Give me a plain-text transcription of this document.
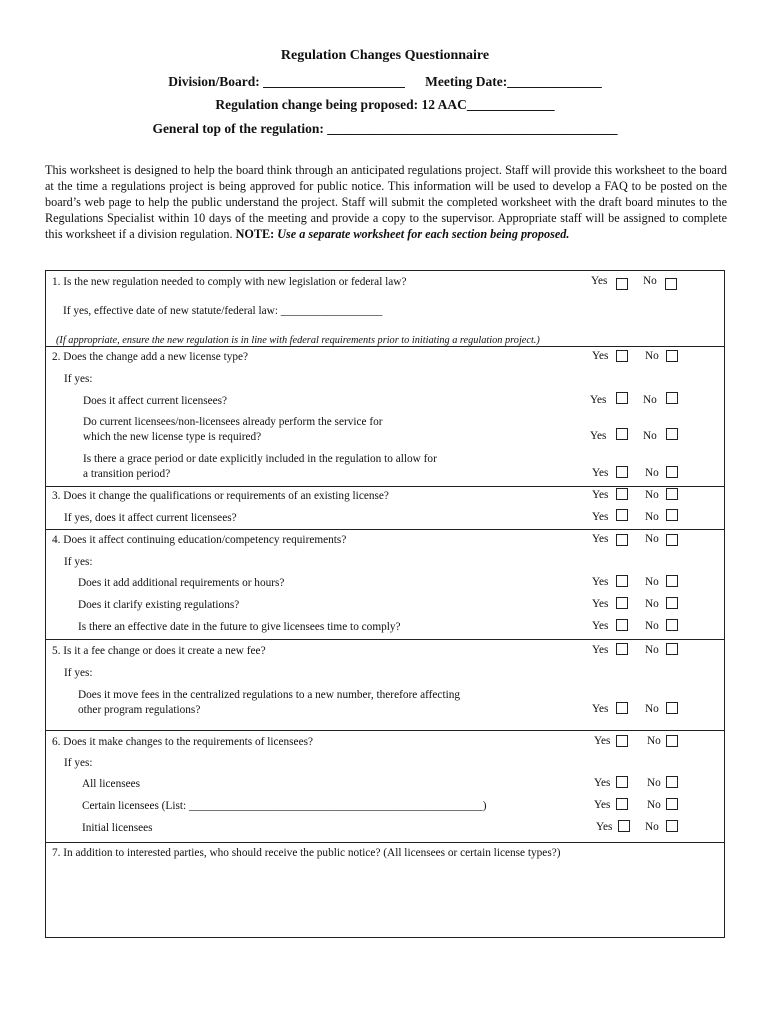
Regulation Changes Questionnaire
Division/Board: _____________________      Meeting Date:______________
Regulation change being proposed: 12 AAC_____________
General top of the regulation: ___________________________________________
This worksheet is designed to help the board think through an anticipated regulations project. Staff will provide this worksheet to the board at the time a regulations project is being approved for public notice. This information will be used to develop a FAQ to be posted on the board’s web page to help the public understand the project. Staff will submit the completed worksheet with the draft board minutes to the Regulations Specialist within 10 days of the meeting and provide a copy to the supervisor. Appropriate staff will be assigned to complete this worksheet if a division regulation. NOTE: Use a separate worksheet for each section being proposed.
1. Is the new regulation needed to comply with new legislation or federal law?	Yes	No
If yes, effective date of new statute/federal law: __________________
(If appropriate, ensure the new regulation is in line with federal requirements prior to initiating a regulation project.)
2. Does the change add a new license type?	Yes	No
If yes:
Does it affect current licensees?	Yes	No
Do current licensees/non-licensees already perform the service for
which the new license type is required?	Yes	No
Is there a grace period or date explicitly included in the regulation to allow for
a transition period?	Yes	No
3. Does it change the qualifications or requirements of an existing license?	Yes	No
If yes, does it affect current licensees?	Yes	No
4. Does it affect continuing education/competency requirements?	Yes	No
If yes:
Does it add additional requirements or hours?	Yes	No
Does it clarify existing regulations?	Yes	No
Is there an effective date in the future to give licensees time to comply?	Yes	No
5. Is it a fee change or does it create a new fee?	Yes	No
If yes:
Does it move fees in the centralized regulations to a new number, therefore affecting
other program regulations?	Yes	No
6. Does it make changes to the requirements of licensees?	Yes	No
If yes:
All licensees	Yes	No
Certain licensees (List: ____________________________________________________)	Yes	No
Initial licensees	Yes	No
7. In addition to interested parties, who should receive the public notice? (All licensees or certain license types?)
